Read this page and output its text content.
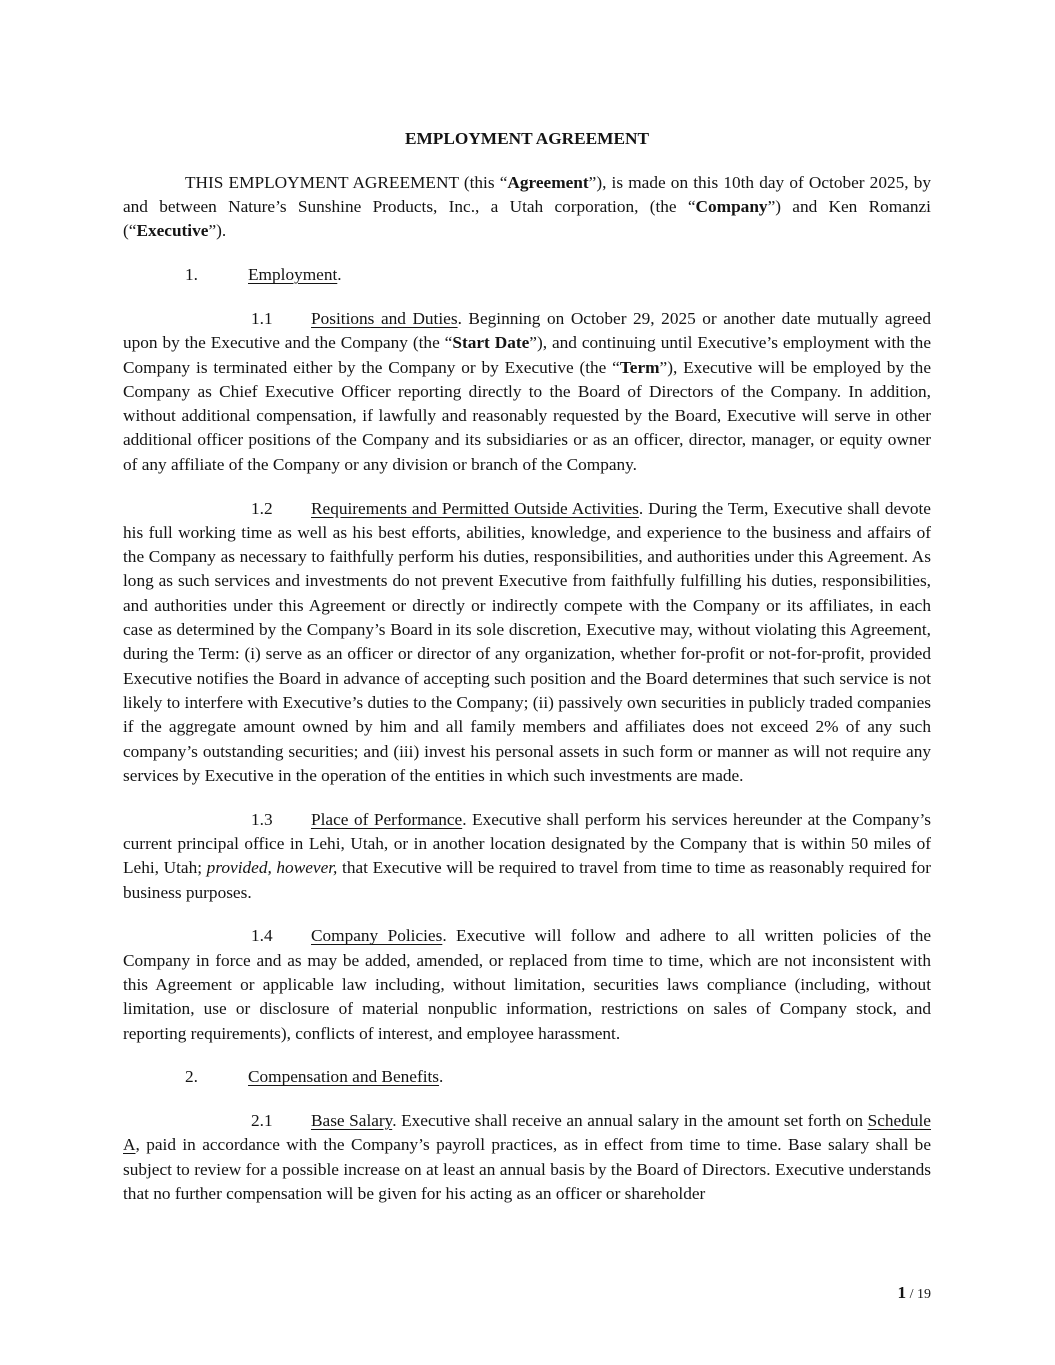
EMPLOYMENT AGREEMENT

THIS EMPLOYMENT AGREEMENT (this “Agreement”), is made on this 10th day of October 2025, by and between Nature’s Sunshine Products, Inc., a Utah corporation, (the “Company”) and Ken Romanzi (“Executive”).

1.	Employment.

1.1 Positions and Duties. Beginning on October 29, 2025 or another date mutually agreed upon by the Executive and the Company (the “Start Date”), and continuing until Executive’s employment with the Company is terminated either by the Company or by Executive (the “Term”), Executive will be employed by the Company as Chief Executive Officer reporting directly to the Board of Directors of the Company. In addition, without additional compensation, if lawfully and reasonably requested by the Board, Executive will serve in other additional officer positions of the Company and its subsidiaries or as an officer, director, manager, or equity owner of any affiliate of the Company or any division or branch of the Company.

1.2 Requirements and Permitted Outside Activities. During the Term, Executive shall devote his full working time as well as his best efforts, abilities, knowledge, and experience to the business and affairs of the Company as necessary to faithfully perform his duties, responsibilities, and authorities under this Agreement. As long as such services and investments do not prevent Executive from faithfully fulfilling his duties, responsibilities, and authorities under this Agreement or directly or indirectly compete with the Company or its affiliates, in each case as determined by the Company’s Board in its sole discretion, Executive may, without violating this Agreement, during the Term: (i) serve as an officer or director of any organization, whether for-profit or not-for-profit, provided Executive notifies the Board in advance of accepting such position and the Board determines that such service is not likely to interfere with Executive’s duties to the Company; (ii) passively own securities in publicly traded companies if the aggregate amount owned by him and all family members and affiliates does not exceed 2% of any such company’s outstanding securities; and (iii) invest his personal assets in such form or manner as will not require any services by Executive in the operation of the entities in which such investments are made.

1.3 Place of Performance. Executive shall perform his services hereunder at the Company’s current principal office in Lehi, Utah, or in another location designated by the Company that is within 50 miles of Lehi, Utah; provided, however, that Executive will be required to travel from time to time as reasonably required for business purposes.

1.4 Company Policies. Executive will follow and adhere to all written policies of the Company in force and as may be added, amended, or replaced from time to time, which are not inconsistent with this Agreement or applicable law including, without limitation, securities laws compliance (including, without limitation, use or disclosure of material nonpublic information, restrictions on sales of Company stock, and reporting requirements), conflicts of interest, and employee harassment.

2.	Compensation and Benefits.

2.1 Base Salary. Executive shall receive an annual salary in the amount set forth on Schedule A, paid in accordance with the Company’s payroll practices, as in effect from time to time. Base salary shall be subject to review for a possible increase on at least an annual basis by the Board of Directors. Executive understands that no further compensation will be given for his acting as an officer or shareholder

1 / 19
